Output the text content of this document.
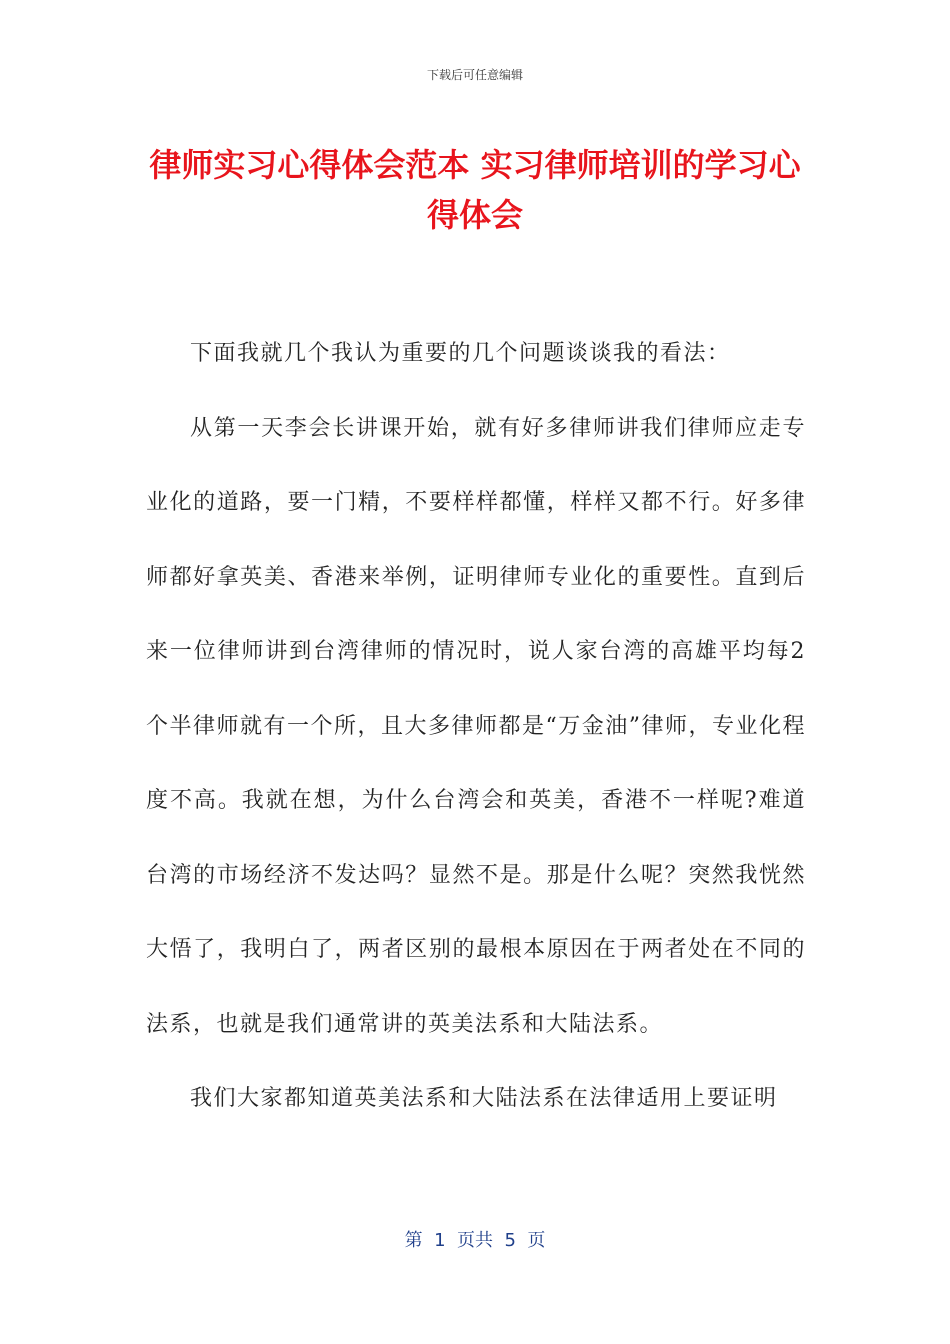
下载后可任意编辑
律师实习心得体会范本 实习律师培训的学习心得体会

下面我就几个我认为重要的几个问题谈谈我的看法：

从第一天李会长讲课开始，就有好多律师讲我们律师应走专业化的道路，要一门精，不要样样都懂，样样又都不行。好多律师都好拿英美、香港来举例，证明律师专业化的重要性。直到后来一位律师讲到台湾律师的情况时，说人家台湾的高雄平均每2个半律师就有一个所，且大多律师都是“万金油”律师，专业化程度不高。我就在想，为什么台湾会和英美，香港不一样呢?难道台湾的市场经济不发达吗？显然不是。那是什么呢？突然我恍然大悟了，我明白了，两者区别的最根本原因在于两者处在不同的法系，也就是我们通常讲的英美法系和大陆法系。

我们大家都知道英美法系和大陆法系在法律适用上要证明

第  1  页共  5  页
